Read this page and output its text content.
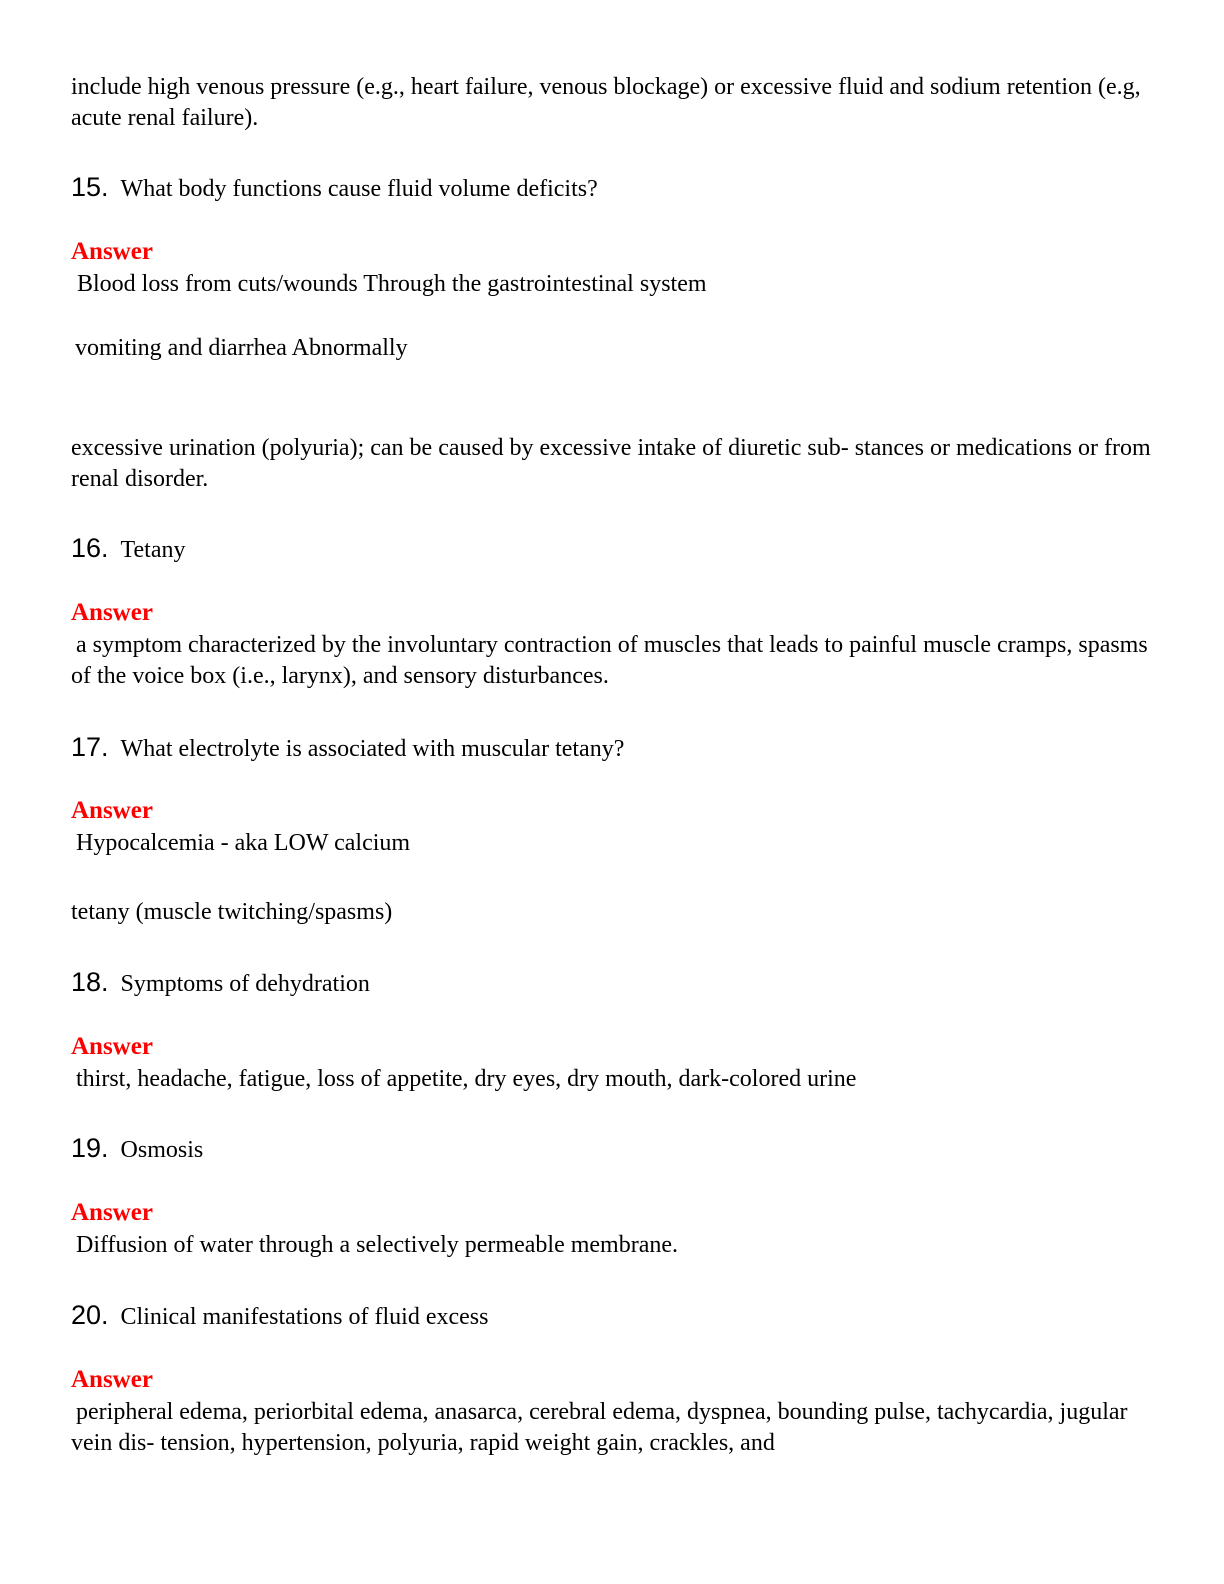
include high venous pressure (e.g., heart failure, venous blockage) or excessive fluid and sodium retention (e.g, acute renal failure).

15. What body functions cause fluid volume deficits?
Answer

Blood loss from cuts/wounds Through the gastrointestinal system

vomiting and diarrhea Abnormally

excessive urination (polyuria); can be caused by excessive intake of diuretic sub- stances or medications or from renal disorder.

16. Tetany
Answer

a symptom characterized by the involuntary contraction of muscles that leads to painful muscle cramps, spasms of the voice box (i.e., larynx), and sensory disturbances.

17. What electrolyte is associated with muscular tetany?
Answer

Hypocalcemia - aka LOW calcium

tetany (muscle twitching/spasms)

18. Symptoms of dehydration
Answer

thirst, headache, fatigue, loss of appetite, dry eyes, dry mouth, dark-colored urine

19. Osmosis
Answer

Diffusion of water through a selectively permeable membrane.

20. Clinical manifestations of fluid excess
Answer

peripheral edema, periorbital edema, anasarca, cerebral edema, dyspnea, bounding pulse, tachycardia, jugular vein dis- tension, hypertension, polyuria, rapid weight gain, crackles, and
